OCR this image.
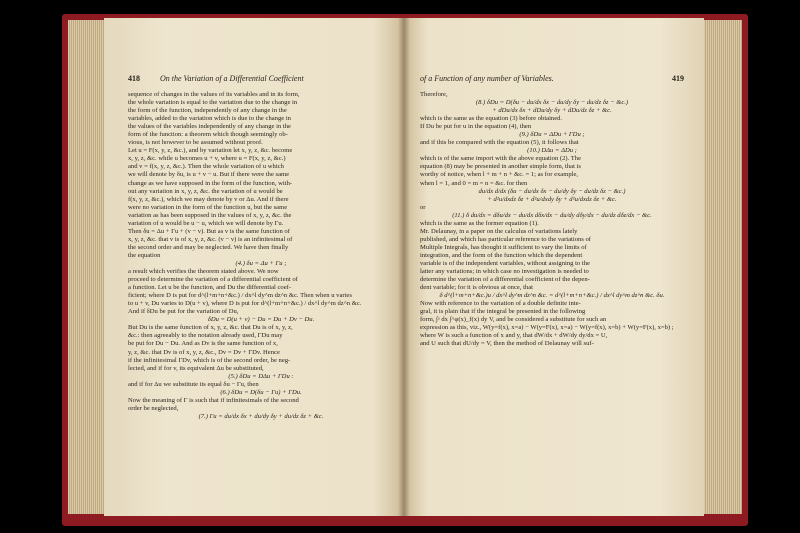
418	On the Variation of a Differential Coefficient

sequence of changes in the values of its variables and in its form,

the whole variation is equal to the variation due to the change in

the form of the function, independently of any change in the

variables, added to the variation which is due to the change in

the values of the variables independently of any change in the

form of the function: a theorem which though seemingly ob-

vious, is not however to be assumed without proof.

Let u = F(x, y, z, &c.), and by variation let x, y, z, &c. become

x, y, z, &c. while u becomes u + v, where u = F(x, y, z, &c.)

and v = f(x, y, z, &c.). Then the whole variation of u which

we will denote by δu, is u + v − u. But if there were the same

change as we have supposed in the form of the function, with-

out any variation in x, y, z, &c. the variation of u would be

f(x, y, z, &c.), which we may denote by v or Δu. And if there

were no variation in the form of the function u, but the same

variation as has been supposed in the values of x, y, z, &c. the

variation of u would be u − u, which we will denote by Γu.

Then δu = Δu + Γu + (v − v). But as v is the same function of

x, y, z, &c. that v is of x, y, z, &c. (v − v) is an infinitesimal of

the second order and may be neglected. We have then finally

the equation

(4.) δu = Δu + Γu ;

a result which verifies the theorem stated above. We now

proceed to determine the variation of a differential coefficient of

a function. Let u be the function, and Du the differential coef-

ficient; where D is put for d^(l+m+n+&c.) / dx^l dy^m dz^n &c. Then when u varies

to u + v, Du varies to D(u + v), where D is put for d^(l+m+n+&c.) / dx^l dy^m dz^n &c.

And if δDu be put for the variation of Du,

δDu = D(u + v) − Du = Du + Dv − Du.

But Du is the same function of x, y, z, &c. that Du is of x, y, z,

&c.: then agreeably to the notation already used, ΓDu may

be put for Du − Du. And as Dv is the same function of x,

y, z, &c. that Dv is of x, y, z, &c., Dv = Dv + ΓDv. Hence

if the infinitesimal ΓDv, which is of the second order, be neg-

lected, and if for v, its equivalent Δu be substituted,

(5.) δDu = DΔu + ΓDu :

and if for Δu we substitute its equal δu − Γu, then

(6.) δDu = D(δu − Γu) + ΓDu.

Now the meaning of Γ is such that if infinitesimals of the second

order be neglected,

(7.) Γu = du/dx δx + du/dy δy + du/dz δz + &c.

of a Function of any number of Variables.	419

Therefore,

(8.) δDu = D(δu − du/dx δx − du/dy δy − du/dz δz − &c.)

+ dDu/dx δx + dDu/dy δy + dDu/dz δz + &c.

which is the same as the equation (3) before obtained.

If Du be put for u in the equation (4), then

(9.) δDu = ΔDu + ΓDu ;

and if this be compared with the equation (5), it follows that

(10.) DΔu = ΔDu ;

which is of the same import with the above equation (2). The

equation (8) may be presented in another simple form, that is

worthy of notice, when l + m + n + &c. = 1; as for example,

when l = 1, and 0 = m = n = &c. for then

du/dx d/dx (δu − du/dx δx − du/dy δy − du/dz δz − &c.)

+ d²u/dxdz δz + d²u/dxdy δy + d²u/dxdz δz + &c.

or

(11.) δ du/dx = dδu/dx − du/dx dδx/dx − du/dy dδy/dx − du/dz dδz/dx − &c.

which is the same as the former equation (1).

Mr. Delaunay, in a paper on the calculus of variations lately

published, and which has particular reference to the variations of

Multiple Integrals, has thought it sufficient to vary the limits of

integration, and the form of the function which the dependent

variable is of the independent variables, without assigning to the

latter any variations; in which case no investigation is needed to

determine the variation of a differential coefficient of the depen-

dent variable; for it is obvious at once, that

δ d^(l+m+n+&c.)u / dx^l dy^m dz^n &c. = d^(l+m+n+&c.) / dx^l dy^m dz^n &c. δu.

Now with reference to the variation of a double definite inte-

gral, it is plain that if the integral be presented in the following

form, ∫ᵃ dx ∫^φ(x)_f(x) dy V, and be considered a substitute for such an

expression as this, viz., W(y=f(x), x=a) − W(y=F(x), x=a) − W(y=f(x), x=b) + W(y=F(x), x=b) ;

where W is such a function of x and y, that dW/dx + dW/dy dy/dx = U,

and U such that dU/dy = V, then the method of Delaunay will suf-
